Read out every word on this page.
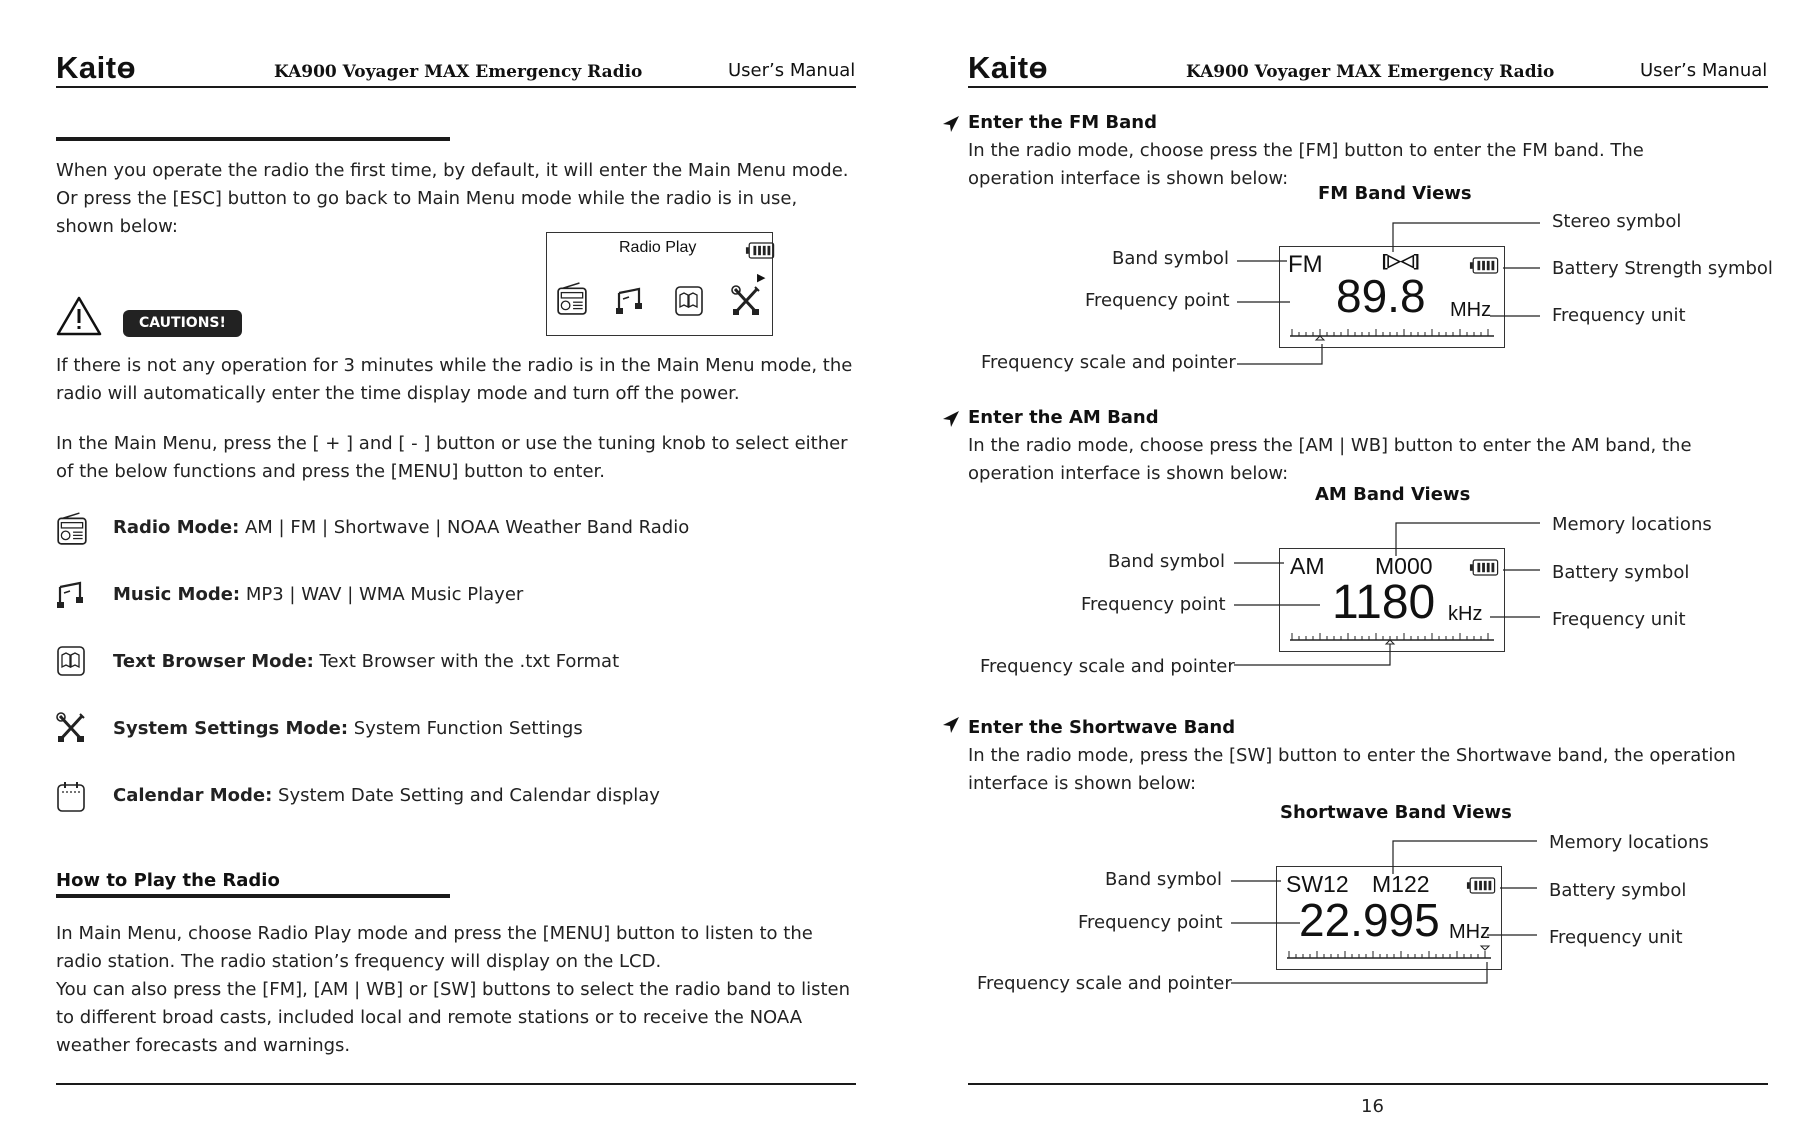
Kaitɵ	KA900 Voyager MAX Emergency Radio	User’s Manual
When you operate the radio the first time, by default, it will enter the Main Menu mode. Or press the [ESC] button to go back to Main Menu mode while the radio is in use, shown below:
Radio Play
▶
CAUTIONS!
If there is not any operation for 3 minutes while the radio is in the Main Menu mode, the radio will automatically enter the time display mode and turn off the power.
In the Main Menu, press the [ + ] and [ - ] button or use the tuning knob to select either of the below functions and press the [MENU] button to enter.
Radio Mode: AM | FM | Shortwave | NOAA Weather Band Radio
Music Mode: MP3 | WAV | WMA Music Player
Text Browser Mode: Text Browser with the .txt Format
System Settings Mode: System Function Settings
Calendar Mode: System Date Setting and Calendar display
How to Play the Radio
In Main Menu, choose Radio Play mode and press the [MENU] button to listen to the radio station. The radio station’s frequency will display on the LCD.
You can also press the [FM], [AM | WB] or [SW] buttons to select the radio band to listen to different broad casts, included local and remote stations or to receive the NOAA weather forecasts and warnings.
Kaitɵ	KA900 Voyager MAX Emergency Radio	User’s Manual
Enter the FM Band
In the radio mode, choose press the [FM] button to enter the FM band. The operation interface is shown below:
FM Band Views
FM	[▷◁]
89.8 MHz
Band symbol
Frequency point
Frequency scale and pointer
Stereo symbol
Battery Strength symbol
Frequency unit
Enter the AM Band
In the radio mode, choose press the [AM | WB] button to enter the AM band, the operation interface is shown below:
AM Band Views
AM M000
1180 kHz
Band symbol
Frequency point
Frequency scale and pointer
Memory locations
Battery symbol
Frequency unit
Enter the Shortwave Band
In the radio mode, press the [SW] button to enter the Shortwave band, the operation interface is shown below:
Shortwave Band Views
SW12 M122
22.995 MHz
Band symbol
Frequency point
Frequency scale and pointer
Memory locations
Battery symbol
Frequency unit
16
